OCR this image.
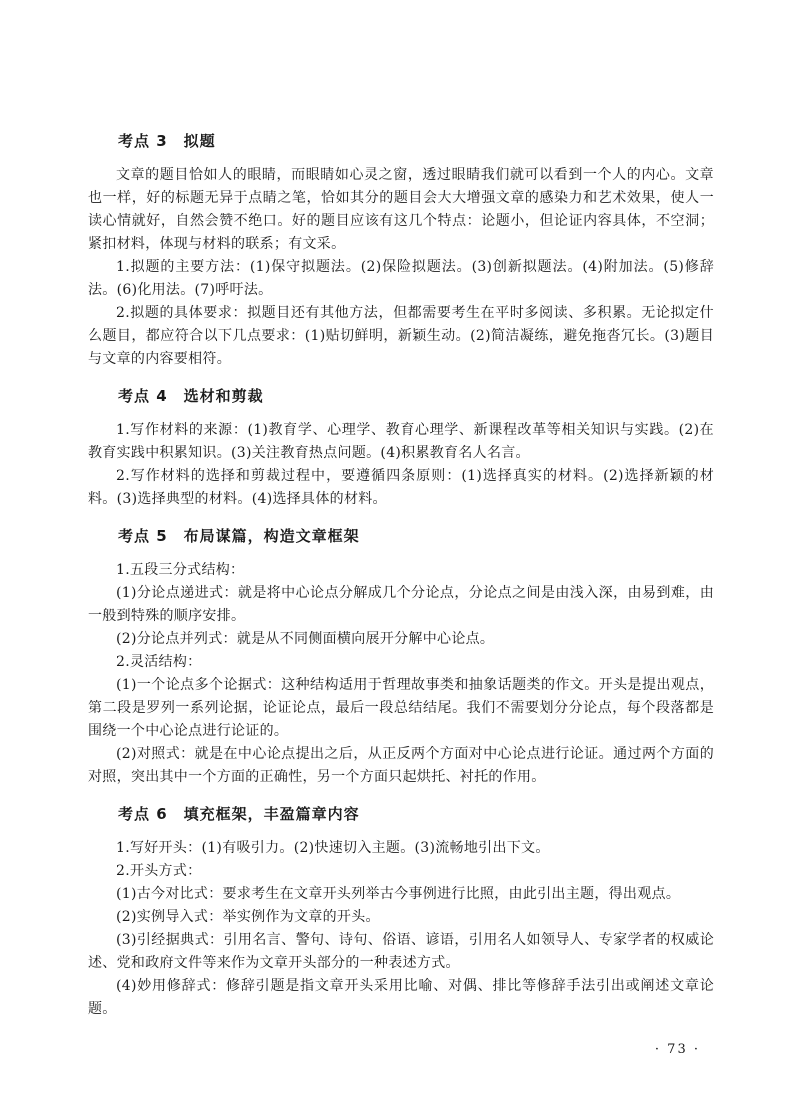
考点 3　拟题

文章的题目恰如人的眼睛，而眼睛如心灵之窗，透过眼睛我们就可以看到一个人的内心。文章也一样，好的标题无异于点睛之笔，恰如其分的题目会大大增强文章的感染力和艺术效果，使人一读心情就好，自然会赞不绝口。好的题目应该有这几个特点：论题小，但论证内容具体，不空洞；紧扣材料，体现与材料的联系；有文采。

1.拟题的主要方法：(1)保守拟题法。(2)保险拟题法。(3)创新拟题法。(4)附加法。(5)修辞法。(6)化用法。(7)呼吁法。

2.拟题的具体要求：拟题目还有其他方法，但都需要考生在平时多阅读、多积累。无论拟定什么题目，都应符合以下几点要求：(1)贴切鲜明，新颖生动。(2)简洁凝练，避免拖沓冗长。(3)题目与文章的内容要相符。

考点 4　选材和剪裁

1.写作材料的来源：(1)教育学、心理学、教育心理学、新课程改革等相关知识与实践。(2)在教育实践中积累知识。(3)关注教育热点问题。(4)积累教育名人名言。

2.写作材料的选择和剪裁过程中，要遵循四条原则：(1)选择真实的材料。(2)选择新颖的材料。(3)选择典型的材料。(4)选择具体的材料。

考点 5　布局谋篇，构造文章框架

1.五段三分式结构：

(1)分论点递进式：就是将中心论点分解成几个分论点，分论点之间是由浅入深，由易到难，由一般到特殊的顺序安排。

(2)分论点并列式：就是从不同侧面横向展开分解中心论点。

2.灵活结构：

(1)一个论点多个论据式：这种结构适用于哲理故事类和抽象话题类的作文。开头是提出观点，第二段是罗列一系列论据，论证论点，最后一段总结结尾。我们不需要划分分论点，每个段落都是围绕一个中心论点进行论证的。

(2)对照式：就是在中心论点提出之后，从正反两个方面对中心论点进行论证。通过两个方面的对照，突出其中一个方面的正确性，另一个方面只起烘托、衬托的作用。

考点 6　填充框架，丰盈篇章内容

1.写好开头：(1)有吸引力。(2)快速切入主题。(3)流畅地引出下文。

2.开头方式：

(1)古今对比式：要求考生在文章开头列举古今事例进行比照，由此引出主题，得出观点。

(2)实例导入式：举实例作为文章的开头。

(3)引经据典式：引用名言、警句、诗句、俗语、谚语，引用名人如领导人、专家学者的权威论述、党和政府文件等来作为文章开头部分的一种表述方式。

(4)妙用修辞式：修辞引题是指文章开头采用比喻、对偶、排比等修辞手法引出或阐述文章论题。

· 73 ·
